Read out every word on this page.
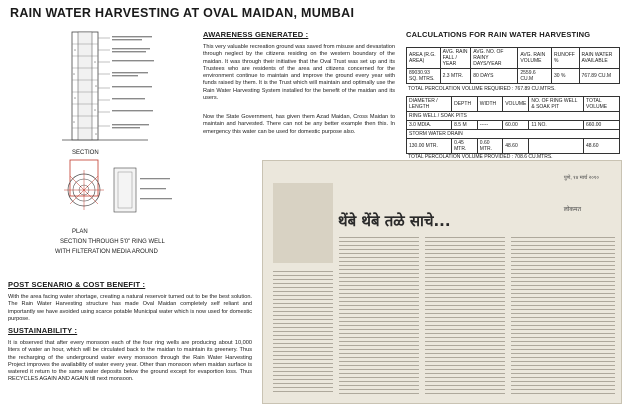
RAIN WATER HARVESTING AT OVAL MAIDAN, MUMBAI
SECTION
PLAN
SECTION THROUGH 5'0" RING WELL
WITH FILTERATION MEDIA AROUND
AWARENESS GENERATED :
This very valuable recreation ground was saved from misuse and devastation through neglect by the citizens residing on the western boundary of the maidan. It was through their initiative that the Oval Trust was set up and its Trustees who are residents of the area and citizens concerned for the environment continue to maintain and improve the ground every year with funds raised by them. It is the Trust which will maintain and optimally use the Rain Water Harvesting System installed for the benefit of the maidan and its users.
Now the State Government, has given them Azad Maidan, Cross Maidan to maintain and harvested. There can not be any better example then this. In emergency this water can be used for domestic purpose also.
CALCULATIONS FOR RAIN WATER HARVESTING
AREA (R.G. AREA)	AVG. RAIN FALL / YEAR	AVG. NO. OF RAINY DAYS/YEAR	AVG. RAIN VOLUME	RUNOFF %	RAIN WATER AVAILABLE
89030.93 SQ. MTRS.	2.3 MTR.	80 DAYS	2559.6 CU.M	30 %	767.89 CU.M
TOTAL PERCOLATION VOLUME REQUIRED : 767.89 CU.MTRS.
DIAMETER / LENGTH	DEPTH	WIDTH	VOLUME	NO. OF RING WELL & SOAK PIT	TOTAL VOLUME
RING WELL / SOAK PITS					
3.0 MDIA.	8.5 M	-----	60.00	11 NO.	660.00
STORM WATER DRAIN					
130.00 MTR.	0.45 MTR.	0.60 MTR.	48.60		48.60
TOTAL PERCOLATION VOLUME PROVIDED : 708.6 CU.MTRS.
पुणे, १४ मार्च २०१०
लोकमत
थेंबे थेंबे तळे साचे...
POST SCENARIO & COST BENEFIT :
With the area facing water shortage, creating a natural reservoir turned out to be the best solution. The Rain Water Harvesting structure has made Oval Maidan completely self reliant and importantly we have avoided using scarce potable Municipal water which is now used for domestic purpose.
SUSTAINABILITY :
It is observed that after every monsoon each of the four ring wells are producing about 10,000 liters of water an hour, which will be circulated back to the maidan to maintain its greenery. Thus the recharging of the underground water every monsoon through the Rain Water Harvesting Project improves the availability of water every year. Other than monsoon when maidan surface is watered it return to the same water deposits below the ground except for evaportion loss. Thus RECYCLES AGAIN AND AGAIN till next monsoon.
